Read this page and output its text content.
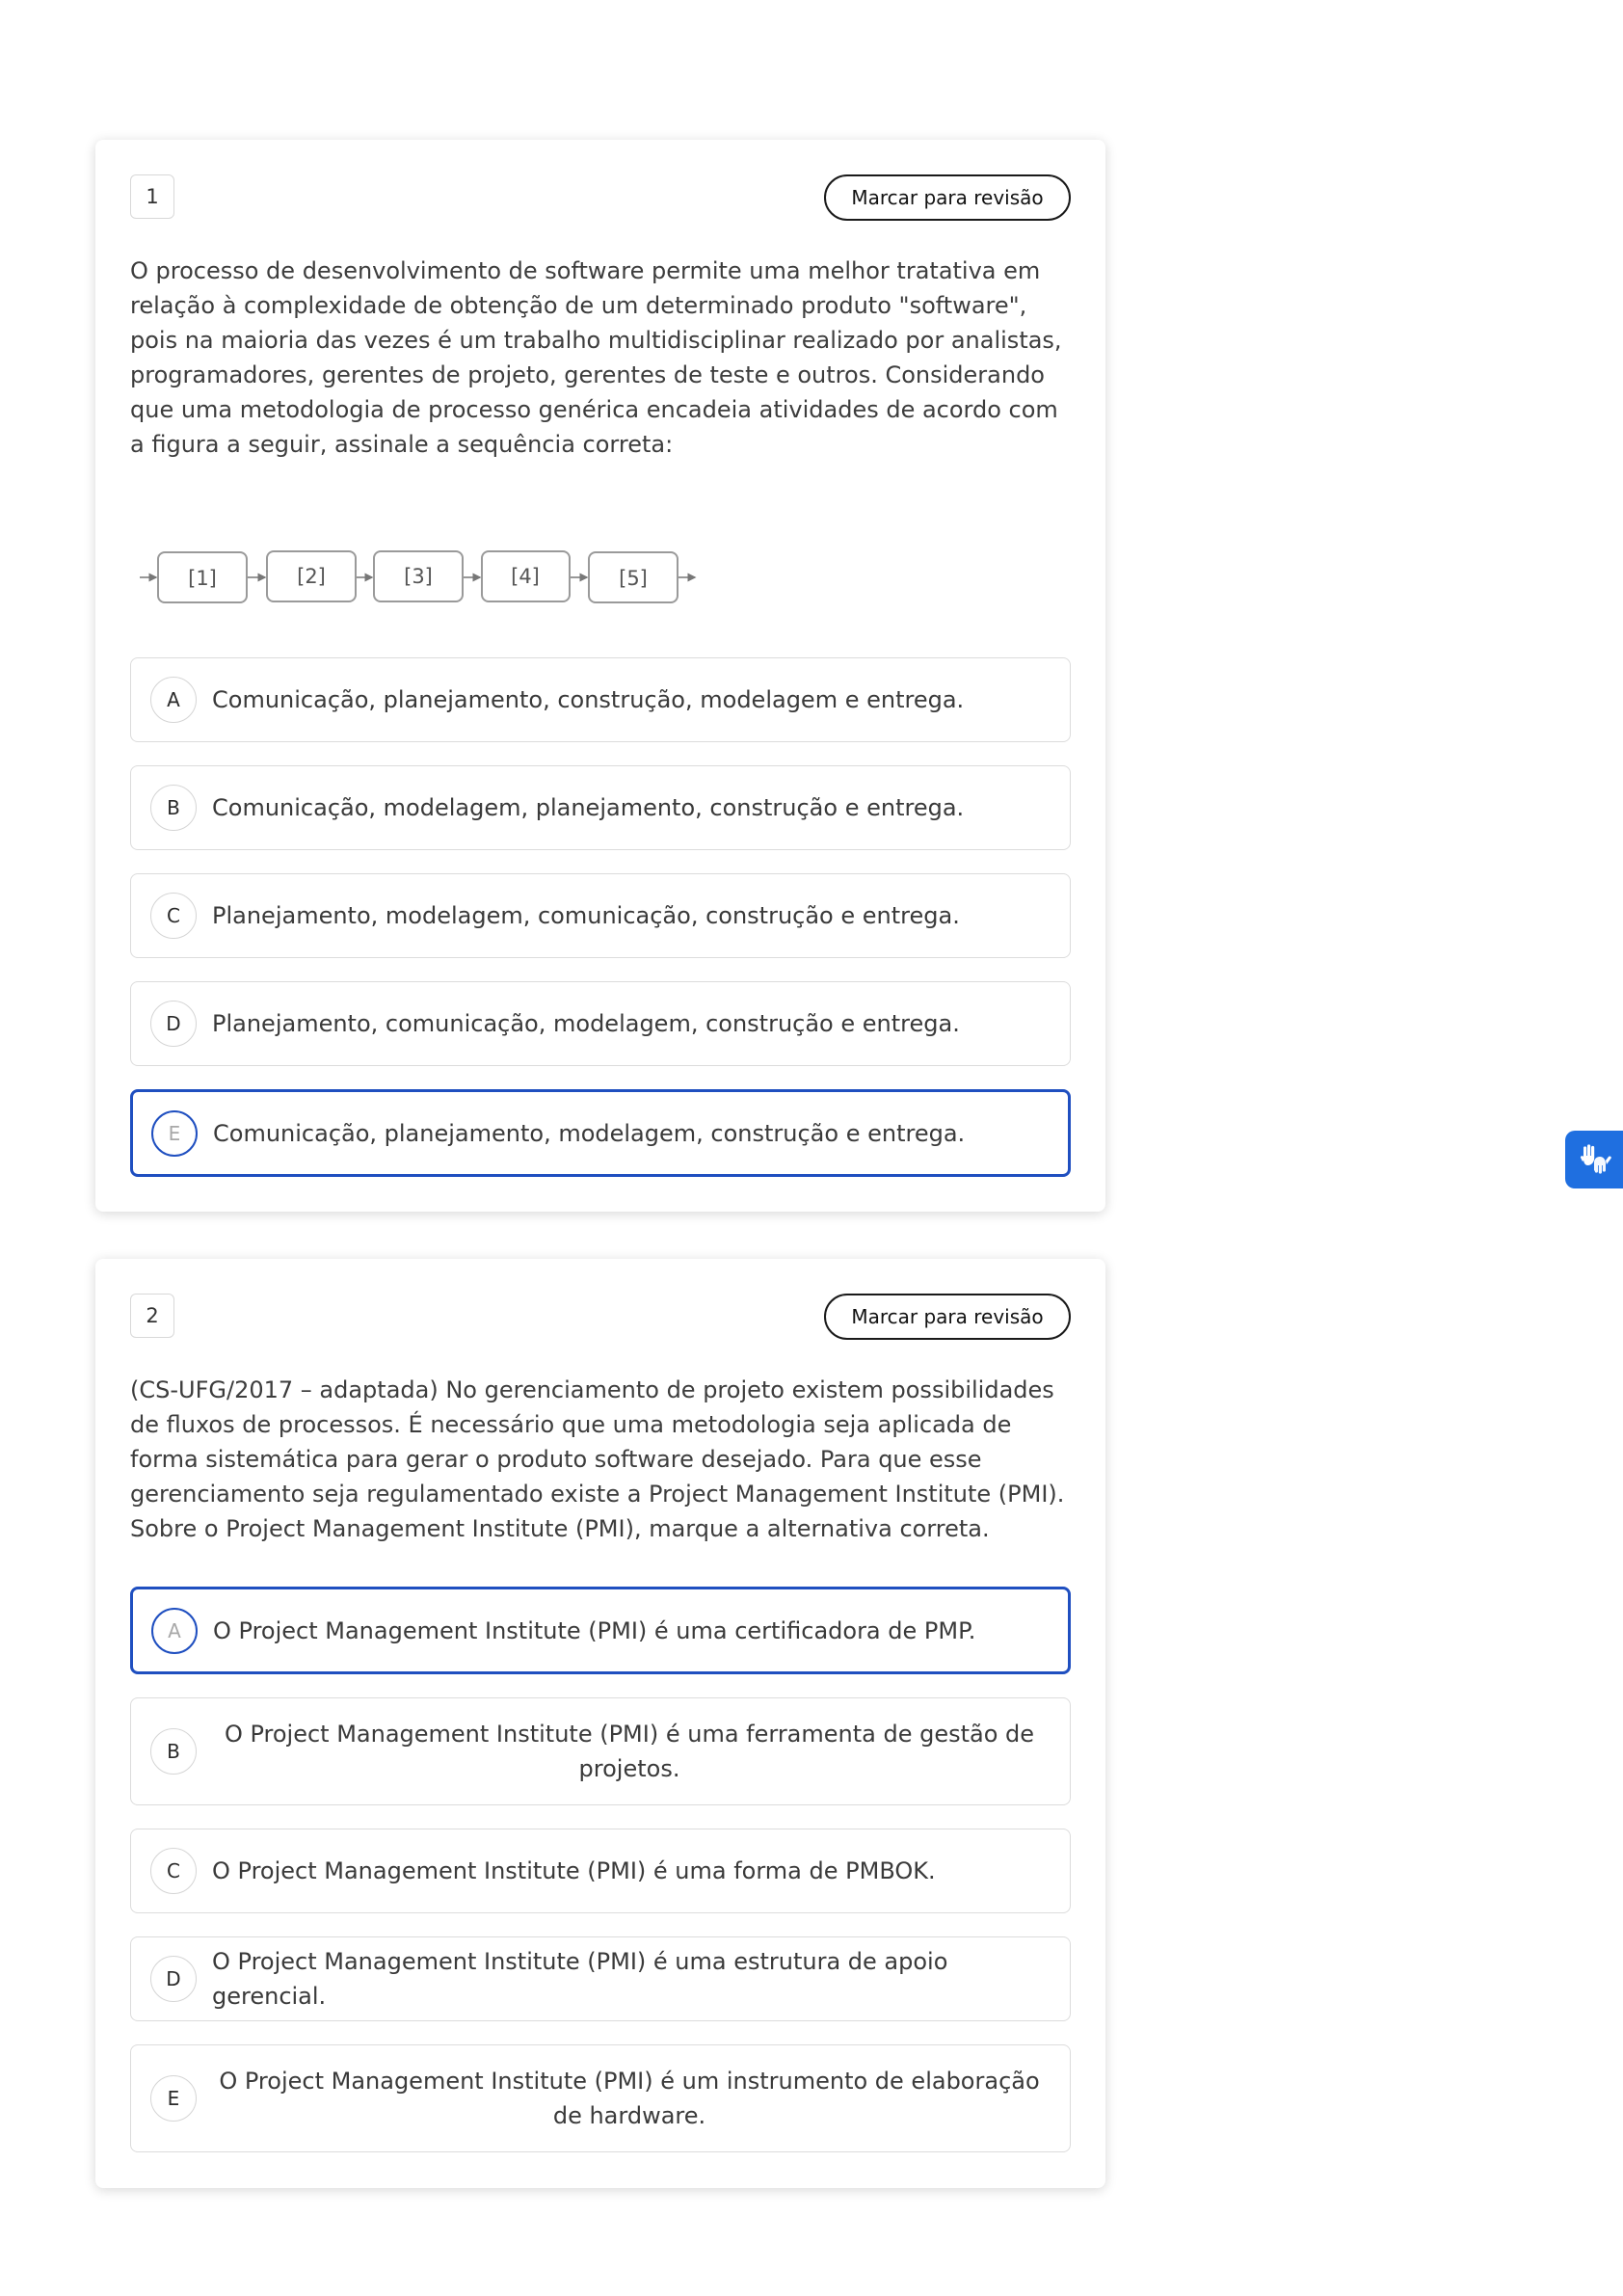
1	Marcar para revisão

O processo de desenvolvimento de software permite uma melhor tratativa em relação à complexidade de obtenção de um determinado produto "software", pois na maioria das vezes é um trabalho multidisciplinar realizado por analistas, programadores, gerentes de projeto, gerentes de teste e outros. Considerando que uma metodologia de processo genérica encadeia atividades de acordo com a figura a seguir, assinale a sequência correta:

[1]	[2]	[3]	[4]	[5]
A	Comunicação, planejamento, construção, modelagem e entrega.
B	Comunicação, modelagem, planejamento, construção e entrega.
C	Planejamento, modelagem, comunicação, construção e entrega.
D	Planejamento, comunicação, modelagem, construção e entrega.
E	Comunicação, planejamento, modelagem, construção e entrega.
2	Marcar para revisão

(CS-UFG/2017 – adaptada) No gerenciamento de projeto existem possibilidades de fluxos de processos. É necessário que uma metodologia seja aplicada de forma sistemática para gerar o produto software desejado. Para que esse gerenciamento seja regulamentado existe a Project Management Institute (PMI).

Sobre o Project Management Institute (PMI), marque a alternativa correta.

A	O Project Management Institute (PMI) é uma certificadora de PMP.
B
O Project Management Institute (PMI) é uma ferramenta de gestão de projetos.
C	O Project Management Institute (PMI) é uma forma de PMBOK.
D
O Project Management Institute (PMI) é uma estrutura de apoio gerencial.
E
O Project Management Institute (PMI) é um instrumento de elaboração de hardware.
